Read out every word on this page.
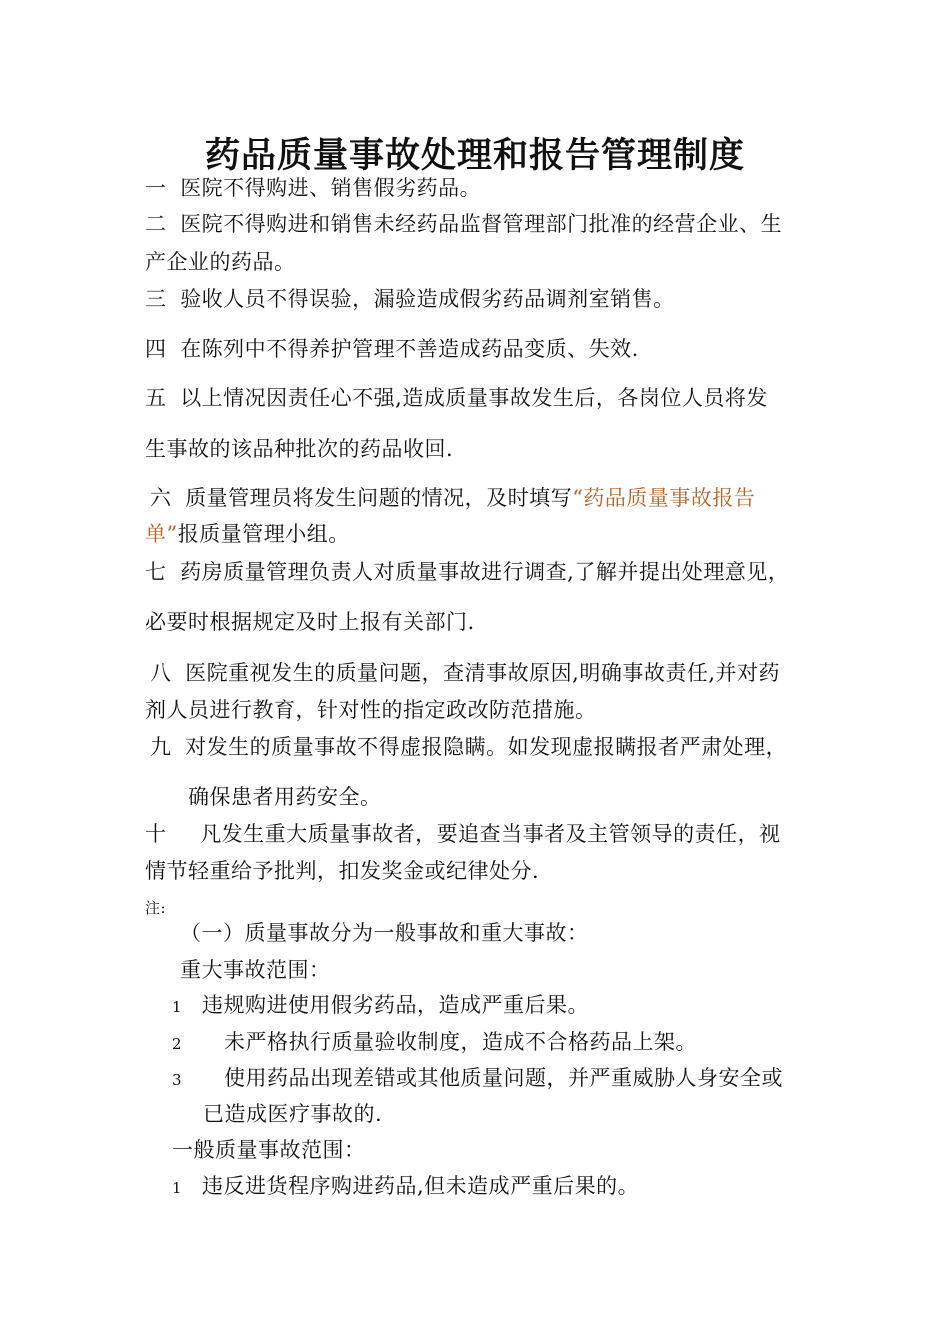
药品质量事故处理和报告管理制度
一 医院不得购进、销售假劣药品。
二 医院不得购进和销售未经药品监督管理部门批准的经营企业、生
产企业的药品。
三 验收人员不得误验，漏验造成假劣药品调剂室销售。
四 在陈列中不得养护管理不善造成药品变质、失效.
五 以上情况因责任心不强,造成质量事故发生后，各岗位人员将发
生事故的该品种批次的药品收回.
六 质量管理员将发生问题的情况，及时填写“药品质量事故报告
单”报质量管理小组。
七 药房质量管理负责人对质量事故进行调查,了解并提出处理意见，
必要时根据规定及时上报有关部门.
八 医院重视发生的质量问题，查清事故原因,明确事故责任,并对药
剂人员进行教育，针对性的指定政改防范措施。
九 对发生的质量事故不得虚报隐瞒。如发现虚报瞒报者严肃处理，
确保患者用药安全。
十 凡发生重大质量事故者，要追查当事者及主管领导的责任，视
情节轻重给予批判，扣发奖金或纪律处分.
注:
（一）质量事故分为一般事故和重大事故：
重大事故范围：
1 违规购进使用假劣药品，造成严重后果。
2 未严格执行质量验收制度，造成不合格药品上架。
3 使用药品出现差错或其他质量问题，并严重威胁人身安全或
已造成医疗事故的.
一般质量事故范围：
1 违反进货程序购进药品,但未造成严重后果的。
